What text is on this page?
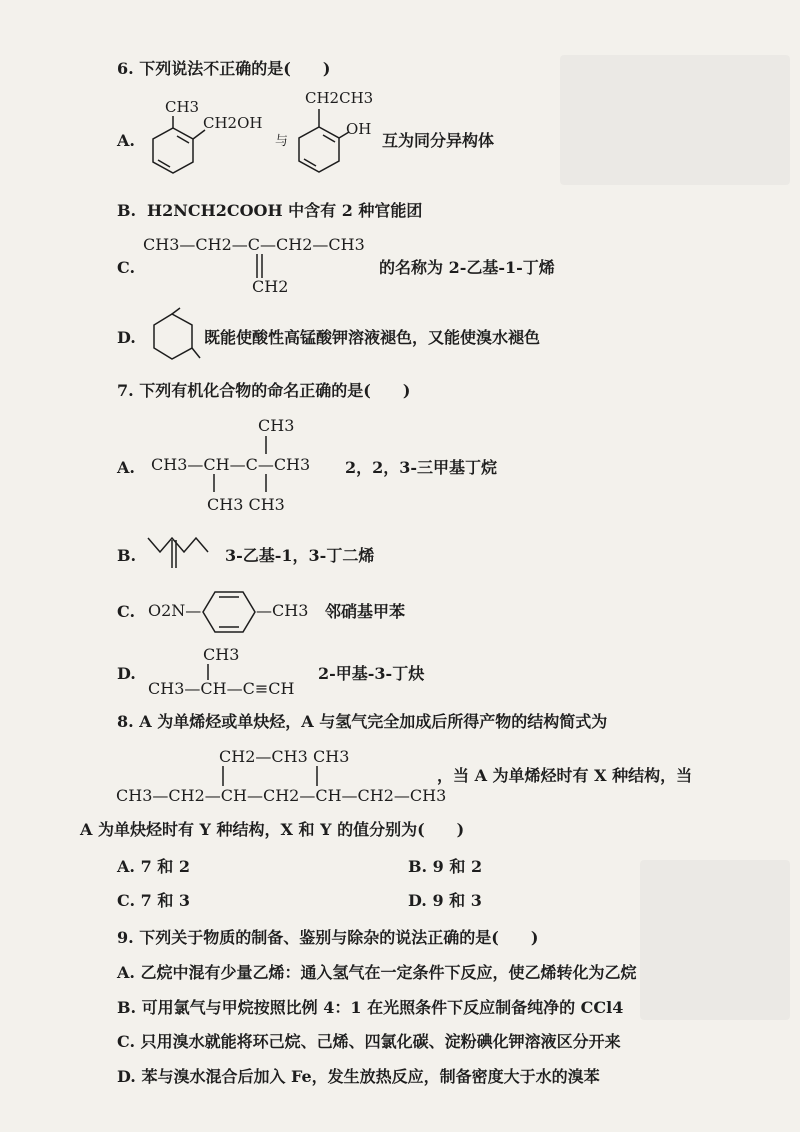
6. 下列说法不正确的是(　　)
A.
CH3
CH2OH
与
CH2CH3
OH
互为同分异构体
B. H2NCH2COOH 中含有 2 种官能团
C.
CH3—CH2—C—CH2—CH3
CH2
的名称为 2-乙基-1-丁烯
D.	既能使酸性高锰酸钾溶液褪色，又能使溴水褪色
7. 下列有机化合物的命名正确的是(　　)
A.
CH3
CH3—CH—C—CH3
CH3 CH3
2，2，3-三甲基丁烷
B.	3-乙基-1，3-丁二烯
C. O2N—	—CH3 邻硝基甲苯
D.
CH3
CH3—CH—C≡CH
2-甲基-3-丁炔
8. A 为单烯烃或单炔烃，A 与氢气完全加成后所得产物的结构简式为
CH2—CH3 CH3
CH3—CH2—CH—CH2—CH—CH2—CH3
，当 A 为单烯烃时有 X 种结构，当
A 为单炔烃时有 Y 种结构，X 和 Y 的值分别为(　　)
A. 7 和 2	B. 9 和 2
C. 7 和 3	D. 9 和 3
9. 下列关于物质的制备、鉴别与除杂的说法正确的是(　　)
A. 乙烷中混有少量乙烯：通入氢气在一定条件下反应，使乙烯转化为乙烷
B. 可用氯气与甲烷按照比例 4：1 在光照条件下反应制备纯净的 CCl4
C. 只用溴水就能将环己烷、己烯、四氯化碳、淀粉碘化钾溶液区分开来
D. 苯与溴水混合后加入 Fe，发生放热反应，制备密度大于水的溴苯
